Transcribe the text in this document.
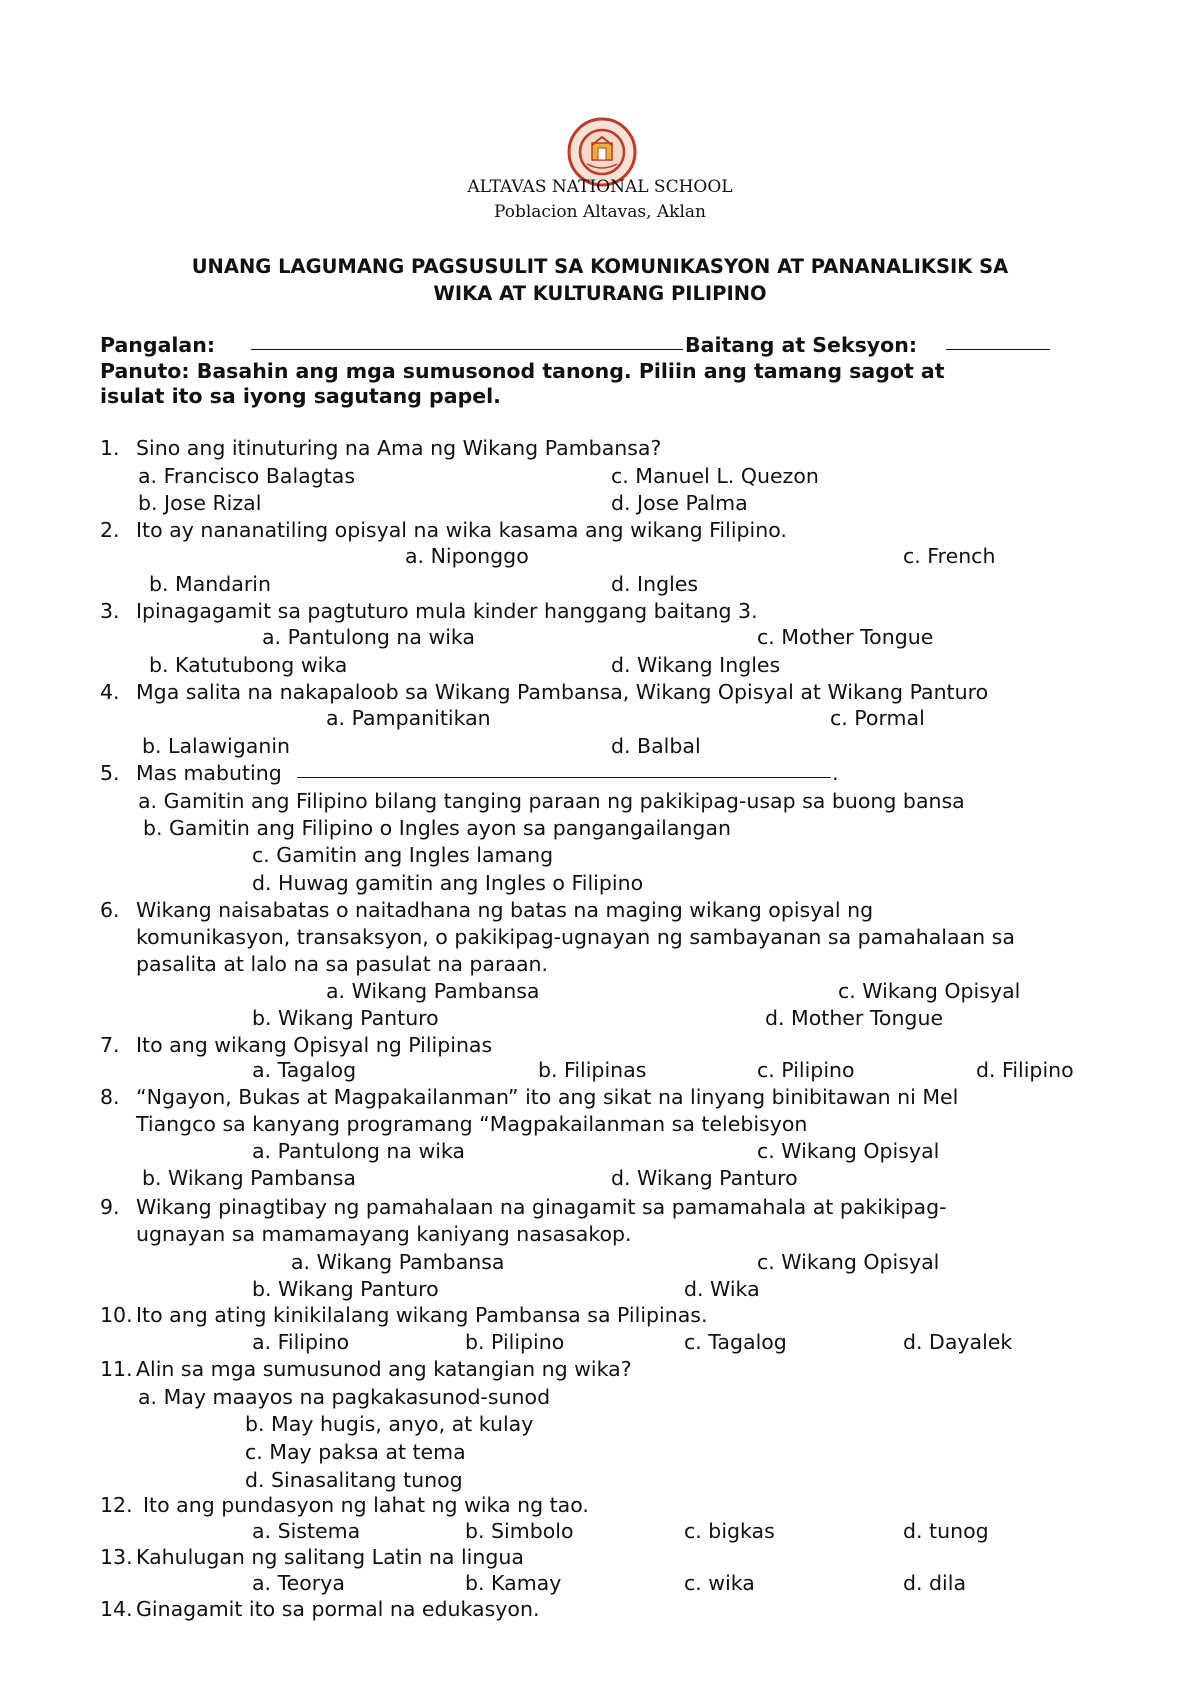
ALTAVAS NATIONAL SCHOOL
Poblacion Altavas, Aklan
UNANG LAGUMANG PAGSUSULIT SA KOMUNIKASYON AT PANANALIKSIK SA
WIKA AT KULTURANG PILIPINO
Pangalan:	Baitang at Seksyon:
Panuto: Basahin ang mga sumusonod tanong. Piliin ang tamang sagot at
isulat ito sa iyong sagutang papel.
1. Sino ang itinuturing na Ama ng Wikang Pambansa?
a. Francisco Balagtas	c. Manuel L. Quezon
b. Jose Rizal	d. Jose Palma
2. Ito ay nananatiling opisyal na wika kasama ang wikang Filipino.
a. Niponggo	c. French
b. Mandarin	d. Ingles
3. Ipinagagamit sa pagtuturo mula kinder hanggang baitang 3.
a. Pantulong na wika	c. Mother Tongue
b. Katutubong wika	d. Wikang Ingles
4. Mga salita na nakapaloob sa Wikang Pambansa, Wikang Opisyal at Wikang Panturo
a. Pampanitikan	c. Pormal
b. Lalawiganin	d. Balbal
5. Mas mabuting	.
a. Gamitin ang Filipino bilang tanging paraan ng pakikipag-usap sa buong bansa
b. Gamitin ang Filipino o Ingles ayon sa pangangailangan
c. Gamitin ang Ingles lamang
d. Huwag gamitin ang Ingles o Filipino
6. Wikang naisabatas o naitadhana ng batas na maging wikang opisyal ng
komunikasyon, transaksyon, o pakikipag-ugnayan ng sambayanan sa pamahalaan sa
pasalita at lalo na sa pasulat na paraan.
a. Wikang Pambansa	c. Wikang Opisyal
b. Wikang Panturo	d. Mother Tongue
7. Ito ang wikang Opisyal ng Pilipinas
a. Tagalog	b. Filipinas	c. Pilipino	d. Filipino
8. “Ngayon, Bukas at Magpakailanman” ito ang sikat na linyang binibitawan ni Mel
Tiangco sa kanyang programang “Magpakailanman sa telebisyon
a. Pantulong na wika	c. Wikang Opisyal
b. Wikang Pambansa	d. Wikang Panturo
9. Wikang pinagtibay ng pamahalaan na ginagamit sa pamamahala at pakikipag-
ugnayan sa mamamayang kaniyang nasasakop.
a. Wikang Pambansa	c. Wikang Opisyal
b. Wikang Panturo	d. Wika
10. Ito ang ating kinikilalang wikang Pambansa sa Pilipinas.
a. Filipino	b. Pilipino	c. Tagalog	d. Dayalek
11. Alin sa mga sumusunod ang katangian ng wika?
a. May maayos na pagkakasunod-sunod
b. May hugis, anyo, at kulay
c. May paksa at tema
d. Sinasalitang tunog
12. Ito ang pundasyon ng lahat ng wika ng tao.
a. Sistema	b. Simbolo	c. bigkas	d. tunog
13. Kahulugan ng salitang Latin na lingua
a. Teorya	b. Kamay	c. wika	d. dila
14. Ginagamit ito sa pormal na edukasyon.
